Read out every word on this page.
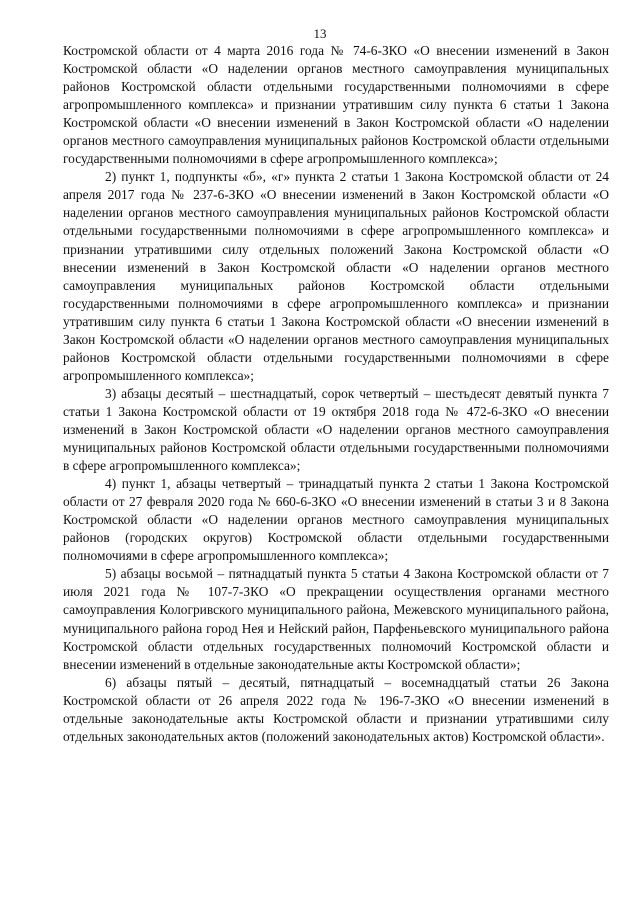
13

Костромской области от 4 марта 2016 года № 74-6-ЗКО «О внесении изменений в Закон Костромской области «О наделении органов местного самоуправления муниципальных районов Костромской области отдельными государственными полномочиями в сфере агропромышленного комплекса» и признании утратившим силу пункта 6 статьи 1 Закона Костромской области «О внесении изменений в Закон Костромской области «О наделении органов местного самоуправления муниципальных районов Костромской области отдельными государственными полномочиями в сфере агропромышленного комплекса»;

2) пункт 1, подпункты «б», «г» пункта 2 статьи 1 Закона Костромской области от 24 апреля 2017 года № 237-6-ЗКО «О внесении изменений в Закон Костромской области «О наделении органов местного самоуправления муниципальных районов Костромской области отдельными государственными полномочиями в сфере агропромышленного комплекса» и признании утратившими силу отдельных положений Закона Костромской области «О внесении изменений в Закон Костромской области «О наделении органов местного самоуправления муниципальных районов Костромской области отдельными государственными полномочиями в сфере агропромышленного комплекса» и признании утратившим силу пункта 6 статьи 1 Закона Костромской области «О внесении изменений в Закон Костромской области «О наделении органов местного самоуправления муниципальных районов Костромской области отдельными государственными полномочиями в сфере агропромышленного комплекса»;

3) абзацы десятый – шестнадцатый, сорок четвертый – шестьдесят девятый пункта 7 статьи 1 Закона Костромской области от 19 октября 2018 года № 472-6-ЗКО «О внесении изменений в Закон Костромской области «О наделении органов местного самоуправления муниципальных районов Костромской области отдельными государственными полномочиями в сфере агропромышленного комплекса»;

4) пункт 1, абзацы четвертый – тринадцатый пункта 2 статьи 1 Закона Костромской области от 27 февраля 2020 года № 660-6-ЗКО «О внесении изменений в статьи 3 и 8 Закона Костромской области «О наделении органов местного самоуправления муниципальных районов (городских округов) Костромской области отдельными государственными полномочиями в сфере агропромышленного комплекса»;

5) абзацы восьмой – пятнадцатый пункта 5 статьи 4 Закона Костромской области от 7 июля 2021 года № 107-7-ЗКО «О прекращении осуществления органами местного самоуправления Кологривского муниципального района, Межевского муниципального района, муниципального района город Нея и Нейский район, Парфеньевского муниципального района Костромской области отдельных государственных полномочий Костромской области и внесении изменений в отдельные законодательные акты Костромской области»;

6) абзацы пятый – десятый, пятнадцатый – восемнадцатый статьи 26 Закона Костромской области от 26 апреля 2022 года № 196-7-ЗКО «О внесении изменений в отдельные законодательные акты Костромской области и признании утратившими силу отдельных законодательных актов (положений законодательных актов) Костромской области».
